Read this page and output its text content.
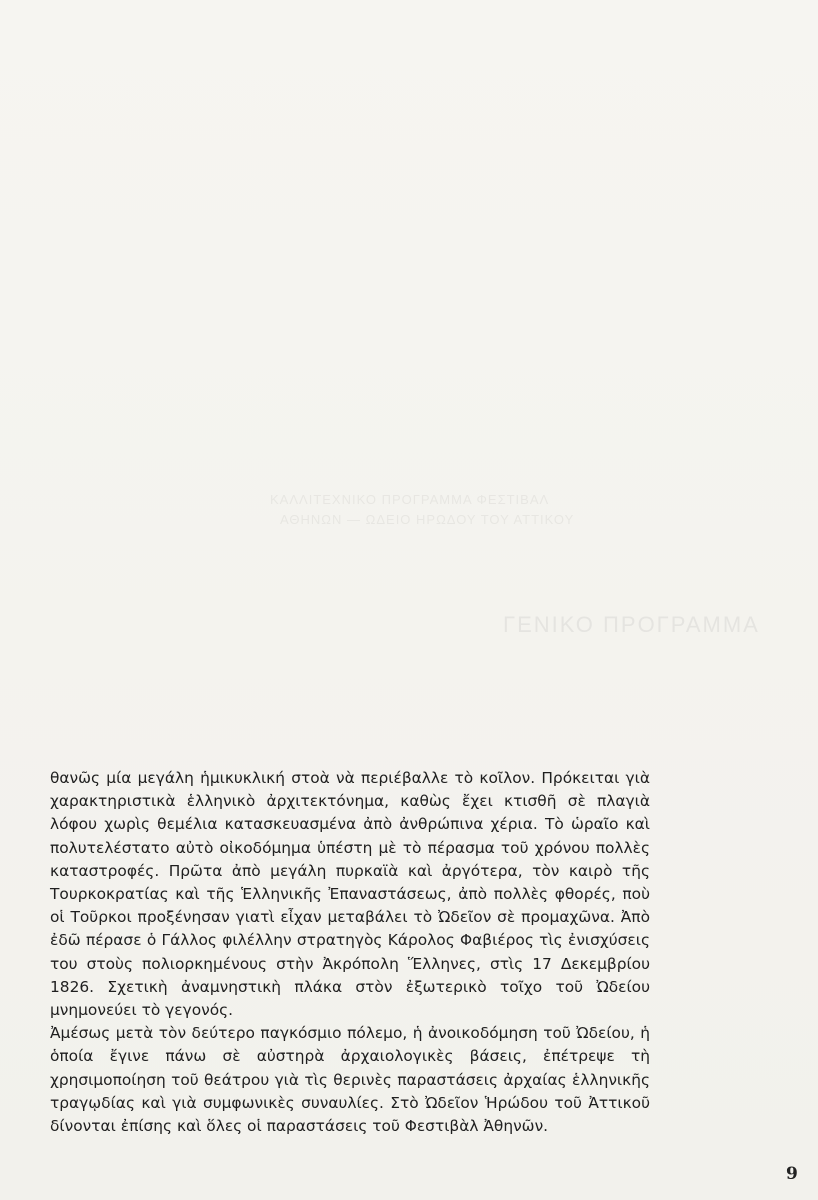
ΚΑΛΛΙΤΕΧΝΙΚΟ ΠΡΟΓΡΑΜΜΑ ΦΕΣΤΙΒΑΛ
ΑΘΗΝΩΝ — ΩΔΕΙΟ ΗΡΩΔΟΥ ΤΟΥ ΑΤΤΙΚΟΥ
ΓΕΝΙΚΟ ΠΡΟΓΡΑΜΜΑ

θανῶς μία μεγάλη ἡμικυκλική στοὰ νὰ περιέβαλλε τὸ κοῖλον. Πρόκειται γιὰ χαρακτηριστικὰ ἑλληνικὸ ἀρχιτεκτόνημα, καθὼς ἔχει κτισθῆ σὲ πλαγιὰ λόφου χωρὶς θεμέλια κατασκευασμένα ἀπὸ ἀνθρώπινα χέρια. Τὸ ὡραῖο καὶ πολυτελέστατο αὐτὸ οἰκοδόμημα ὑπέστη μὲ τὸ πέρασμα τοῦ χρόνου πολλὲς καταστροφές. Πρῶτα ἀπὸ μεγάλη πυρκαϊὰ καὶ ἀργότερα, τὸν καιρὸ τῆς Τουρκοκρατίας καὶ τῆς Ἑλληνικῆς Ἐπαναστάσεως, ἀπὸ πολλὲς φθορές, ποὺ οἱ Τοῦρκοι προξένησαν γιατὶ εἶχαν μεταβάλει τὸ Ὠδεῖον σὲ προμαχῶνα. Ἀπὸ ἐδῶ πέρασε ὁ Γάλλος φιλέλλην στρατηγὸς Κάρολος Φαβιέρος τὶς ἐνισχύσεις του στοὺς πολιορκημένους στὴν Ἀκρόπολη Ἕλληνες, στὶς 17 Δεκεμβρίου 1826. Σχετικὴ ἀναμνηστικὴ πλάκα στὸν ἐξωτερικὸ τοῖχο τοῦ Ὠδείου μνημονεύει τὸ γεγονός.

Ἀμέσως μετὰ τὸν δεύτερο παγκόσμιο πόλεμο, ἡ ἀνοικοδόμηση τοῦ Ὠδείου, ἡ ὁποία ἔγινε πάνω σὲ αὐστηρὰ ἀρχαιολογικὲς βάσεις, ἐπέτρεψε τὴ χρησιμοποίηση τοῦ θεάτρου γιὰ τὶς θερινὲς παραστάσεις ἀρχαίας ἑλληνικῆς τραγῳδίας καὶ γιὰ συμφωνικὲς συναυλίες. Στὸ Ὠδεῖον Ἡρώδου τοῦ Ἀττικοῦ δίνονται ἐπίσης καὶ ὅλες οἱ παραστάσεις τοῦ Φεστιβὰλ Ἀθηνῶν.

9
